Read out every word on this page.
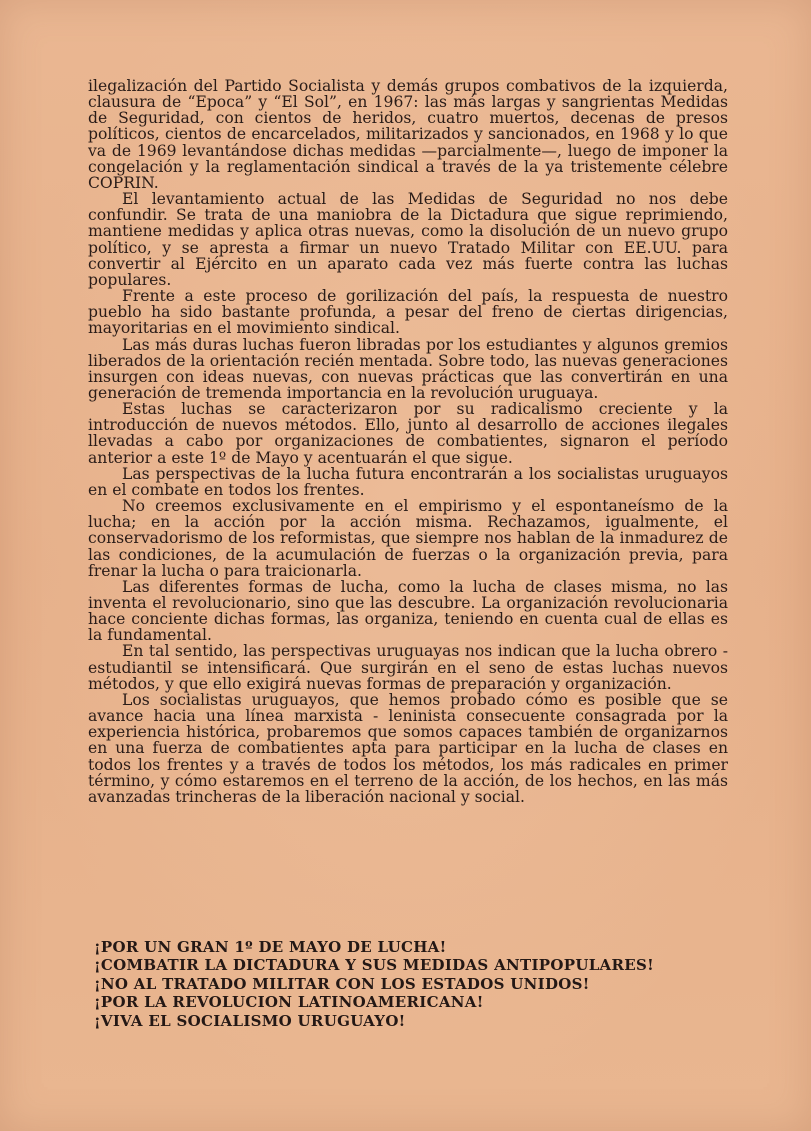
ilegalización del Partido Socialista y demás grupos combativos de la izquierda, clausura de “Epoca” y “El Sol”, en 1967: las más largas y sangrientas Medidas de Seguridad, con cientos de heridos, cuatro muertos, decenas de presos políticos, cientos de encarcelados, militarizados y sancionados, en 1968 y lo que va de 1969 levantándose dichas medidas —parcialmente—, luego de imponer la congelación y la reglamentación sindical a través de la ya tristemente célebre COPRIN.

El levantamiento actual de las Medidas de Seguridad no nos debe confundir. Se trata de una maniobra de la Dictadura que sigue reprimiendo, mantiene medidas y aplica otras nuevas, como la disolución de un nuevo grupo político, y se apresta a firmar un nuevo Tratado Militar con EE.UU. para convertir al Ejército en un aparato cada vez más fuerte contra las luchas populares.

Frente a este proceso de gorilización del país, la respuesta de nuestro pueblo ha sido bastante profunda, a pesar del freno de ciertas dirigencias, mayoritarias en el movimiento sindical.

Las más duras luchas fueron libradas por los estudiantes y algunos gremios liberados de la orientación recién mentada. Sobre todo, las nuevas generaciones insurgen con ideas nuevas, con nuevas prácticas que las convertirán en una generación de tremenda importancia en la revolución uruguaya.

Estas luchas se caracterizaron por su radicalismo creciente y la introducción de nuevos métodos. Ello, junto al desarrollo de acciones ilegales llevadas a cabo por organizaciones de combatientes, signaron el período anterior a este 1º de Mayo y acentuarán el que sigue.

Las perspectivas de la lucha futura encontrarán a los socialistas uruguayos en el combate en todos los frentes.

No creemos exclusivamente en el empirismo y el espontaneísmo de la lucha; en la acción por la acción misma. Rechazamos, igualmente, el conservadorismo de los reformistas, que siempre nos hablan de la inmadurez de las condiciones, de la acumulación de fuerzas o la organización previa, para frenar la lucha o para traicionarla.

Las diferentes formas de lucha, como la lucha de clases misma, no las inventa el revolucionario, sino que las descubre. La organización revolucionaria hace conciente dichas formas, las organiza, teniendo en cuenta cual de ellas es la fundamental.

En tal sentido, las perspectivas uruguayas nos indican que la lucha obrero - estudiantil se intensificará. Que surgirán en el seno de estas luchas nuevos métodos, y que ello exigirá nuevas formas de preparación y organización.

Los socialistas uruguayos, que hemos probado cómo es posible que se avance hacia una línea marxista - leninista consecuente consagrada por la experiencia histórica, probaremos que somos capaces también de organizarnos en una fuerza de combatientes apta para participar en la lucha de clases en todos los frentes y a través de todos los métodos, los más radicales en primer término, y cómo estaremos en el terreno de la acción, de los hechos, en las más avanzadas trincheras de la liberación nacional y social.

¡POR UN GRAN 1º DE MAYO DE LUCHA!
¡COMBATIR LA DICTADURA Y SUS MEDIDAS ANTIPOPULARES!
¡NO AL TRATADO MILITAR CON LOS ESTADOS UNIDOS!
¡POR LA REVOLUCION LATINOAMERICANA!
¡VIVA EL SOCIALISMO URUGUAYO!
